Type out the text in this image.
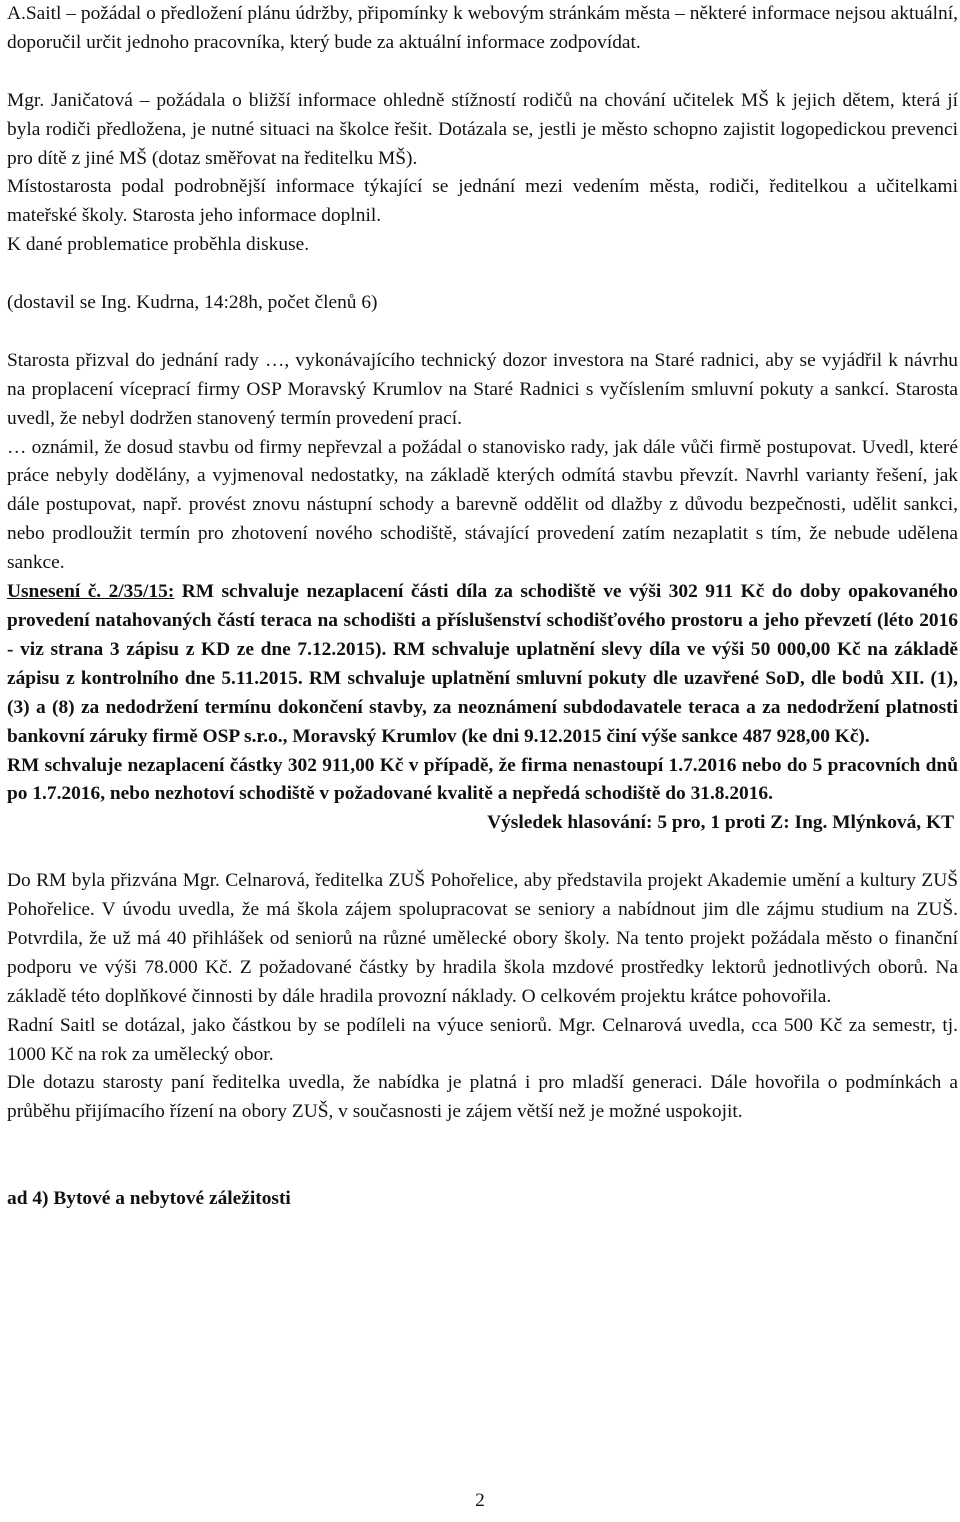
A.Saitl – požádal o předložení plánu údržby, připomínky k webovým stránkám města – některé informace nejsou aktuální, doporučil určit jednoho pracovníka, který bude za aktuální informace zodpovídat.

Mgr. Janičatová – požádala o bližší informace ohledně stížností rodičů na chování učitelek MŠ k jejich dětem, která jí byla rodiči předložena, je nutné situaci na školce řešit. Dotázala se, jestli je město schopno zajistit logopedickou prevenci pro dítě z jiné MŠ (dotaz směřovat na ředitelku MŠ).

Místostarosta podal podrobnější informace týkající se jednání mezi vedením města, rodiči, ředitelkou a učitelkami mateřské školy. Starosta jeho informace doplnil.

K dané problematice proběhla diskuse.

(dostavil se Ing. Kudrna, 14:28h, počet členů 6)

Starosta přizval do jednání rady …, vykonávajícího technický dozor investora na Staré radnici, aby se vyjádřil k návrhu na proplacení víceprací firmy OSP Moravský Krumlov na Staré Radnici s vyčíslením smluvní pokuty a sankcí. Starosta uvedl, že nebyl dodržen stanovený termín provedení prací.

… oznámil, že dosud stavbu od firmy nepřevzal a požádal o stanovisko rady, jak dále vůči firmě postupovat. Uvedl, které práce nebyly dodělány, a vyjmenoval nedostatky, na základě kterých odmítá stavbu převzít. Navrhl varianty řešení, jak dále postupovat, např. provést znovu nástupní schody a barevně oddělit od dlažby z důvodu bezpečnosti, udělit sankci, nebo prodloužit termín pro zhotovení nového schodiště, stávající provedení zatím nezaplatit s tím, že nebude udělena sankce.

Usnesení č. 2/35/15: RM schvaluje nezaplacení části díla za schodiště ve výši 302 911 Kč do doby opakovaného provedení natahovaných částí teraca na schodišti a příslušenství schodišťového prostoru a jeho převzetí (léto 2016 - viz strana 3 zápisu z KD ze dne 7.12.2015). RM schvaluje uplatnění slevy díla ve výši 50 000,00 Kč na základě zápisu z kontrolního dne 5.11.2015. RM schvaluje uplatnění smluvní pokuty dle uzavřené SoD, dle bodů XII. (1), (3) a (8) za nedodržení termínu dokončení stavby, za neoznámení subdodavatele teraca a za nedodržení platnosti bankovní záruky firmě OSP s.r.o., Moravský Krumlov (ke dni 9.12.2015 činí výše sankce 487 928,00 Kč).

RM schvaluje nezaplacení částky 302 911,00 Kč v případě, že firma nenastoupí 1.7.2016 nebo do 5 pracovních dnů po 1.7.2016, nebo nezhotoví schodiště v požadované kvalitě a nepředá schodiště do 31.8.2016.

Výsledek hlasování: 5 pro, 1 proti Z: Ing. Mlýnková, KT

Do RM byla přizvána Mgr. Celnarová, ředitelka ZUŠ Pohořelice, aby představila projekt Akademie umění a kultury ZUŠ Pohořelice. V úvodu uvedla, že má škola zájem spolupracovat se seniory a nabídnout jim dle zájmu studium na ZUŠ. Potvrdila, že už má 40 přihlášek od seniorů na různé umělecké obory školy. Na tento projekt požádala město o finanční podporu ve výši 78.000 Kč. Z požadované částky by hradila škola mzdové prostředky lektorů jednotlivých oborů. Na základě této doplňkové činnosti by dále hradila provozní náklady. O celkovém projektu krátce pohovořila.

Radní Saitl se dotázal, jako částkou by se podíleli na výuce seniorů. Mgr. Celnarová uvedla, cca 500 Kč za semestr, tj. 1000 Kč na rok za umělecký obor.

Dle dotazu starosty paní ředitelka uvedla, že nabídka je platná i pro mladší generaci. Dále hovořila o podmínkách a průběhu přijímacího řízení na obory ZUŠ, v současnosti je zájem větší než je možné uspokojit.

ad 4) Bytové a nebytové záležitosti

2
